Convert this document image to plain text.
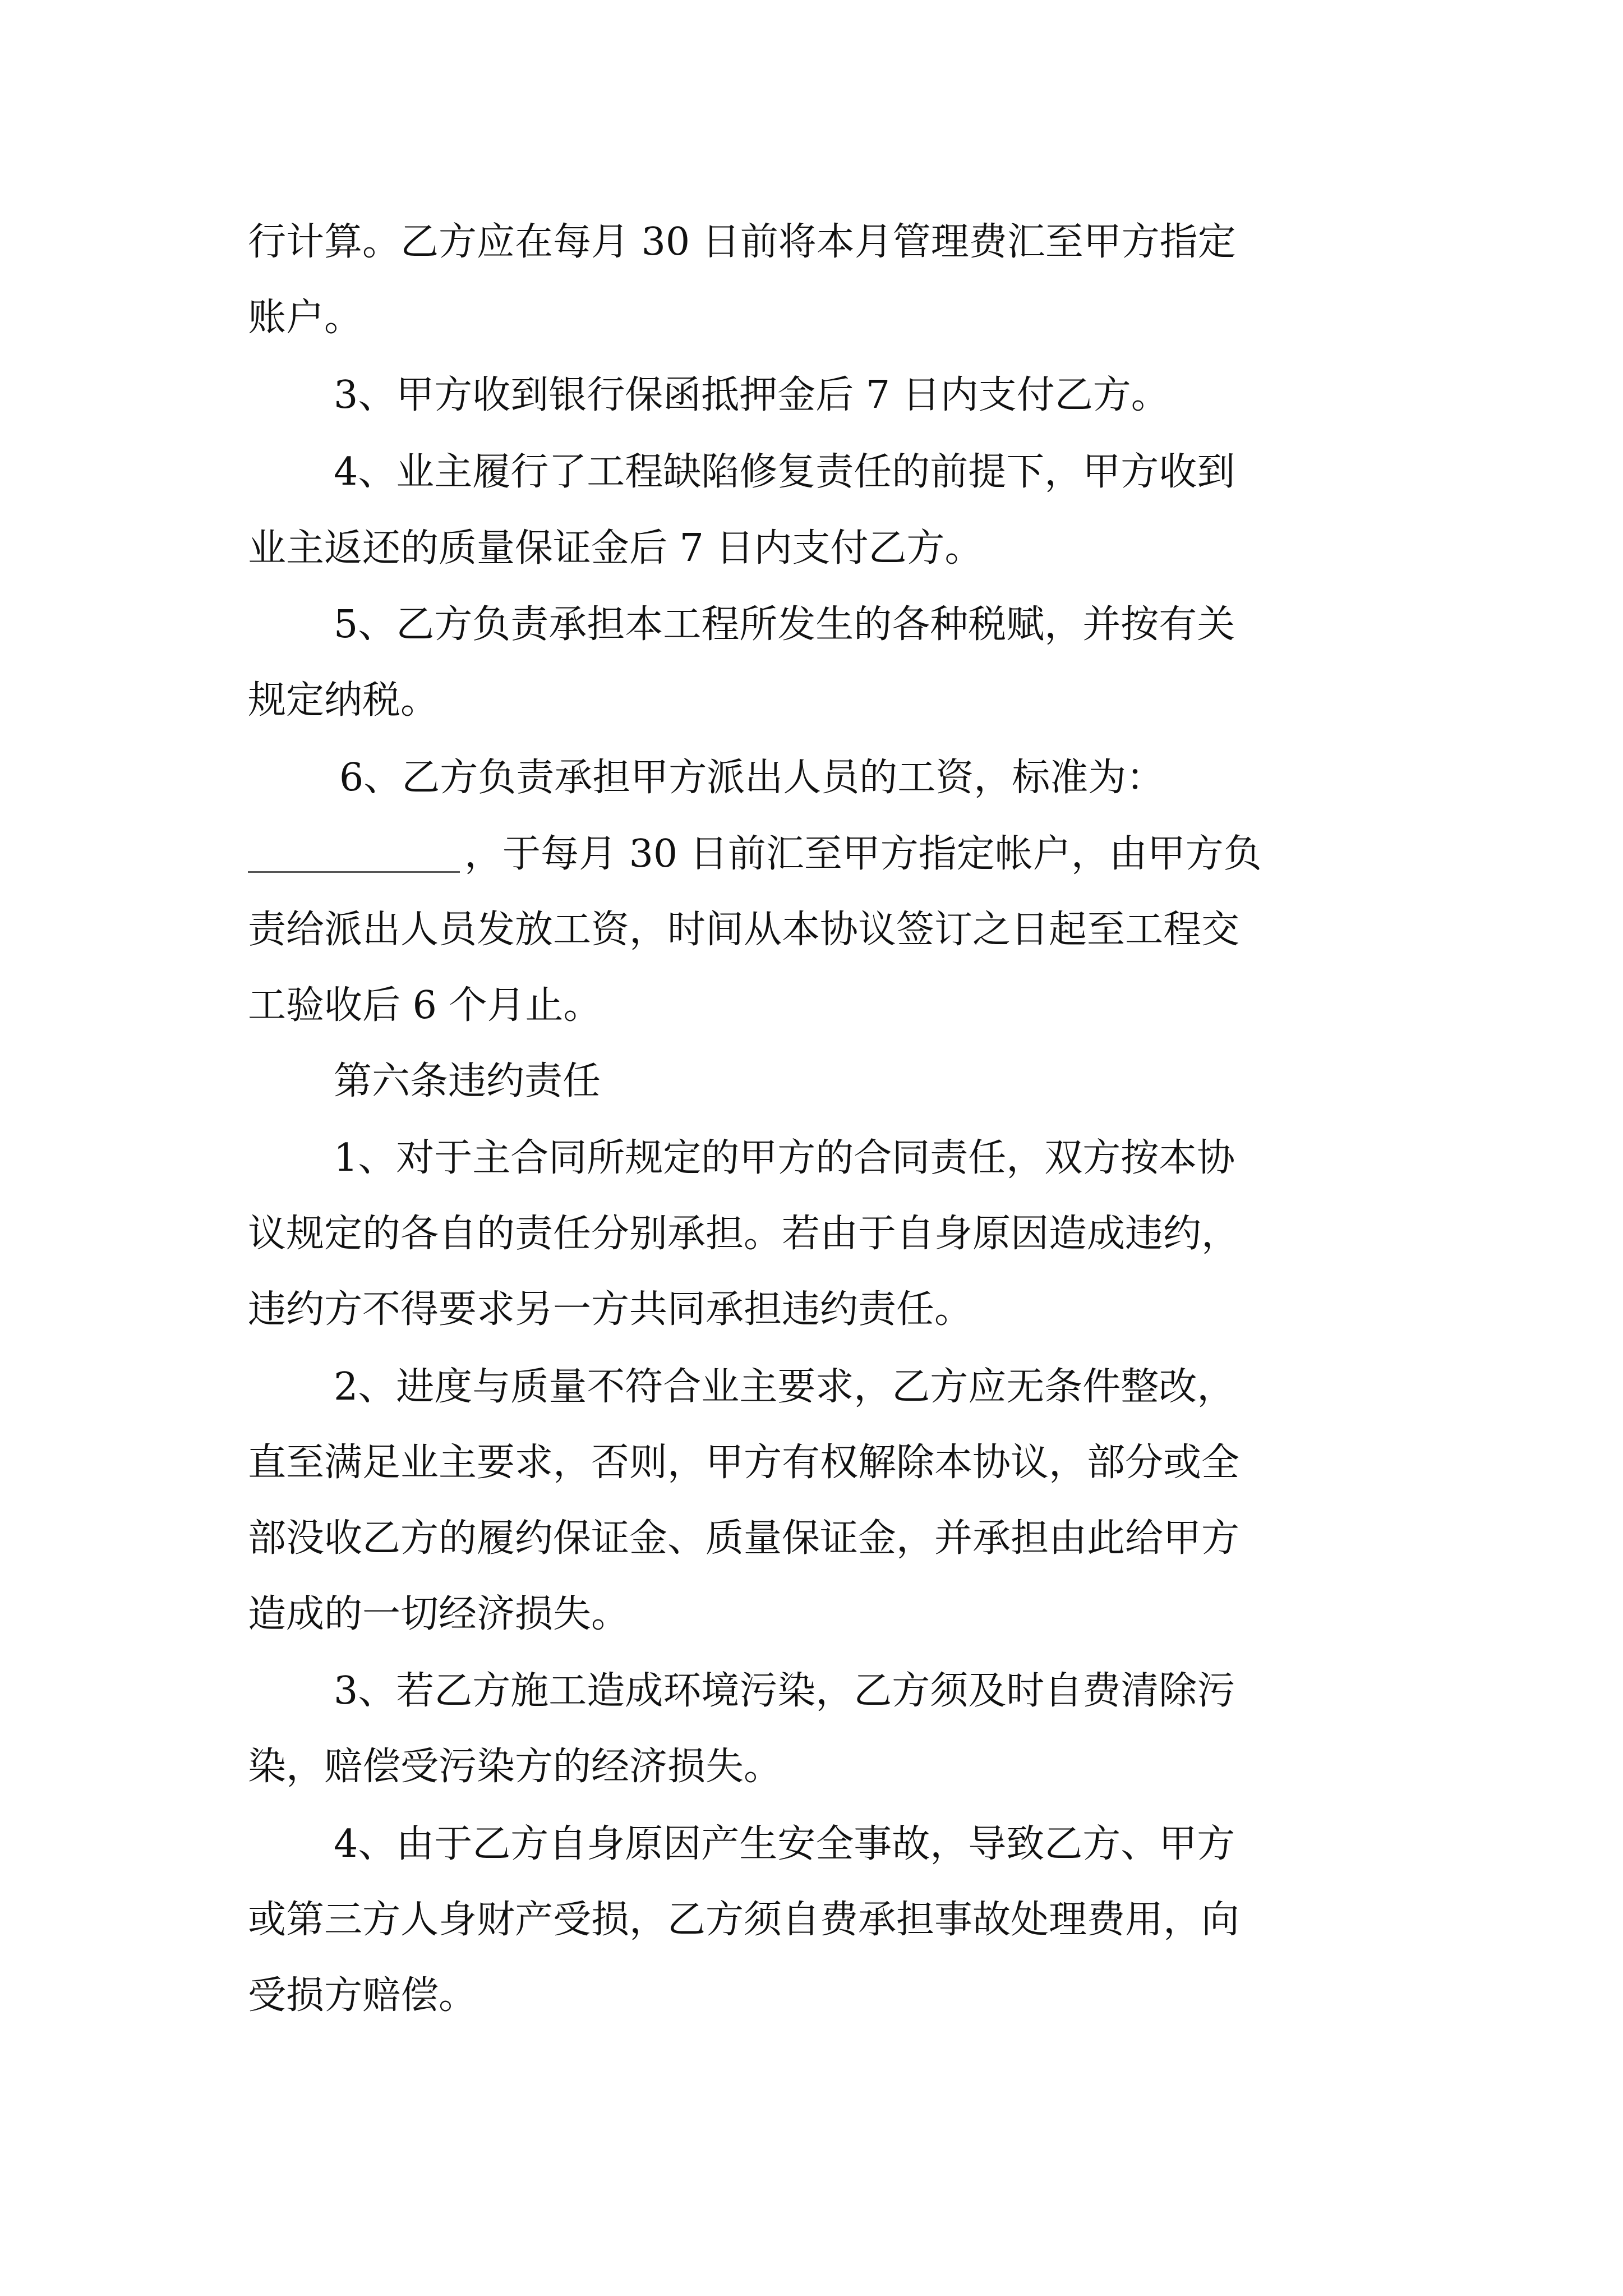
行计算。乙方应在每月 30 日前将本月管理费汇至甲方指定
账户。
3、甲方收到银行保函抵押金后 7 日内支付乙方。
4、业主履行了工程缺陷修复责任的前提下，甲方收到
业主返还的质量保证金后 7 日内支付乙方。
5、乙方负责承担本工程所发生的各种税赋，并按有关
规定纳税。
6、乙方负责承担甲方派出人员的工资，标准为：
，于每月 30 日前汇至甲方指定帐户，由甲方负
责给派出人员发放工资，时间从本协议签订之日起至工程交
工验收后 6 个月止。
第六条违约责任
1、对于主合同所规定的甲方的合同责任，双方按本协
议规定的各自的责任分别承担。若由于自身原因造成违约，
违约方不得要求另一方共同承担违约责任。
2、进度与质量不符合业主要求，乙方应无条件整改，
直至满足业主要求，否则，甲方有权解除本协议，部分或全
部没收乙方的履约保证金、质量保证金，并承担由此给甲方
造成的一切经济损失。
3、若乙方施工造成环境污染，乙方须及时自费清除污
染，赔偿受污染方的经济损失。
4、由于乙方自身原因产生安全事故，导致乙方、甲方
或第三方人身财产受损，乙方须自费承担事故处理费用，向
受损方赔偿。
